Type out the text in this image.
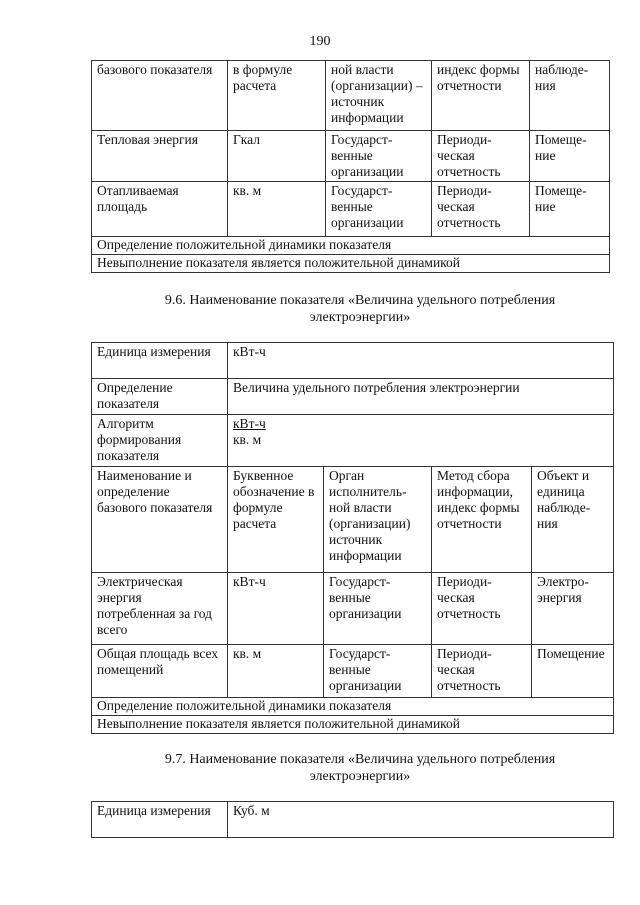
190
базового показателя	в формуле расчета	ной власти (организации) – источник информации	индекс формы отчетности	наблюде-ния
Тепловая энергия	Гкал	Государст-венные организации	Периоди-ческая отчетность	Помеще-ние
Отапливаемая площадь	кв. м	Государст-венные организации	Периоди-ческая отчетность	Помеще-ние
Определение положительной динамики показателя				
Невыполнение показателя является положительной динамикой				
9.6. Наименование показателя «Величина удельного потребления
электроэнергии»
Единица измерения	кВт-ч			
Определение показателя	Величина удельного потребления электроэнергии			
Алгоритм формирования показателя	кВт-ч
кв. м			

Наименование и определение базового показателя	Буквенное обозначение в формуле расчета	Орган исполнитель-ной власти (организации) источник информации	Метод сбора информации, индекс формы отчетности	Объект и единица наблюде-ния
Электрическая энергия потребленная за год всего	кВт-ч	Государст-венные организации	Периоди-ческая отчетность	Электро-энергия
Общая площадь всех помещений	кв. м	Государст-венные организации	Периоди-ческая отчетность	Помещение
Определение положительной динамики показателя				
Невыполнение показателя является положительной динамикой				
9.7. Наименование показателя «Величина удельного потребления
электроэнергии»
Единица измерения	Куб. м
